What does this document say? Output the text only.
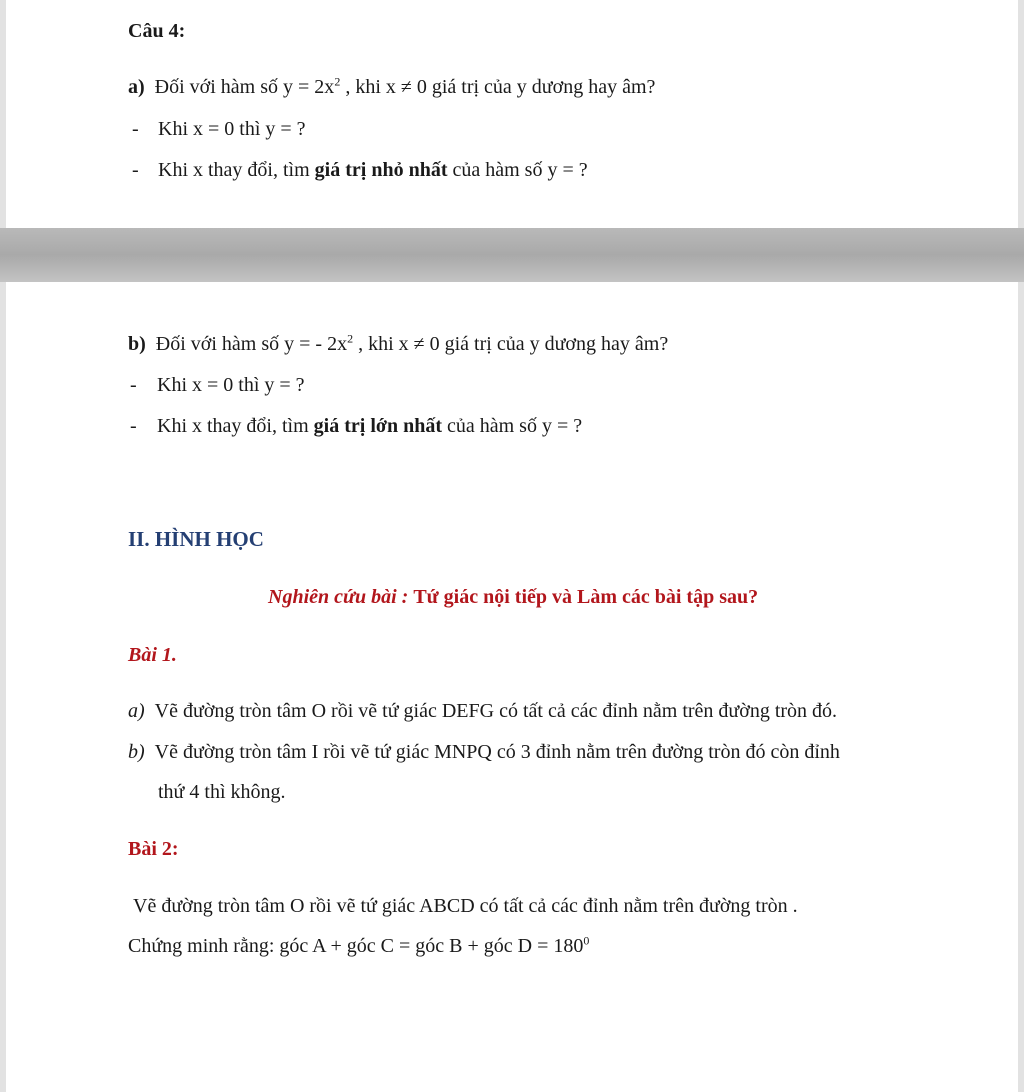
Câu 4:
a) Đối với hàm số $y = 2x^2$ , khi x ≠ 0 giá trị của y dương hay âm?
- Khi x = 0 thì y = ?
- Khi x thay đổi, tìm giá trị nhỏ nhất của hàm số y = ?
b) Đối với hàm số y = - $2x^2$ , khi x ≠ 0 giá trị của y dương hay âm?
- Khi x = 0 thì y = ?
- Khi x thay đổi, tìm giá trị lớn nhất của hàm số y = ?
II. HÌNH HỌC
Nghiên cứu bài : Tứ giác nội tiếp và Làm các bài tập sau?
Bài 1.
a) Vẽ đường tròn tâm O rồi vẽ tứ giác DEFG có tất cả các đỉnh nằm trên đường tròn đó.
b) Vẽ đường tròn tâm I rồi vẽ tứ giác MNPQ có 3 đỉnh nằm trên đường tròn đó còn đỉnh
thứ 4 thì không.
Bài 2:
Vẽ đường tròn tâm O rồi vẽ tứ giác ABCD có tất cả các đỉnh nằm trên đường tròn .
Chứng minh rằng: góc A + góc C = góc B + góc $D = 180^0$
